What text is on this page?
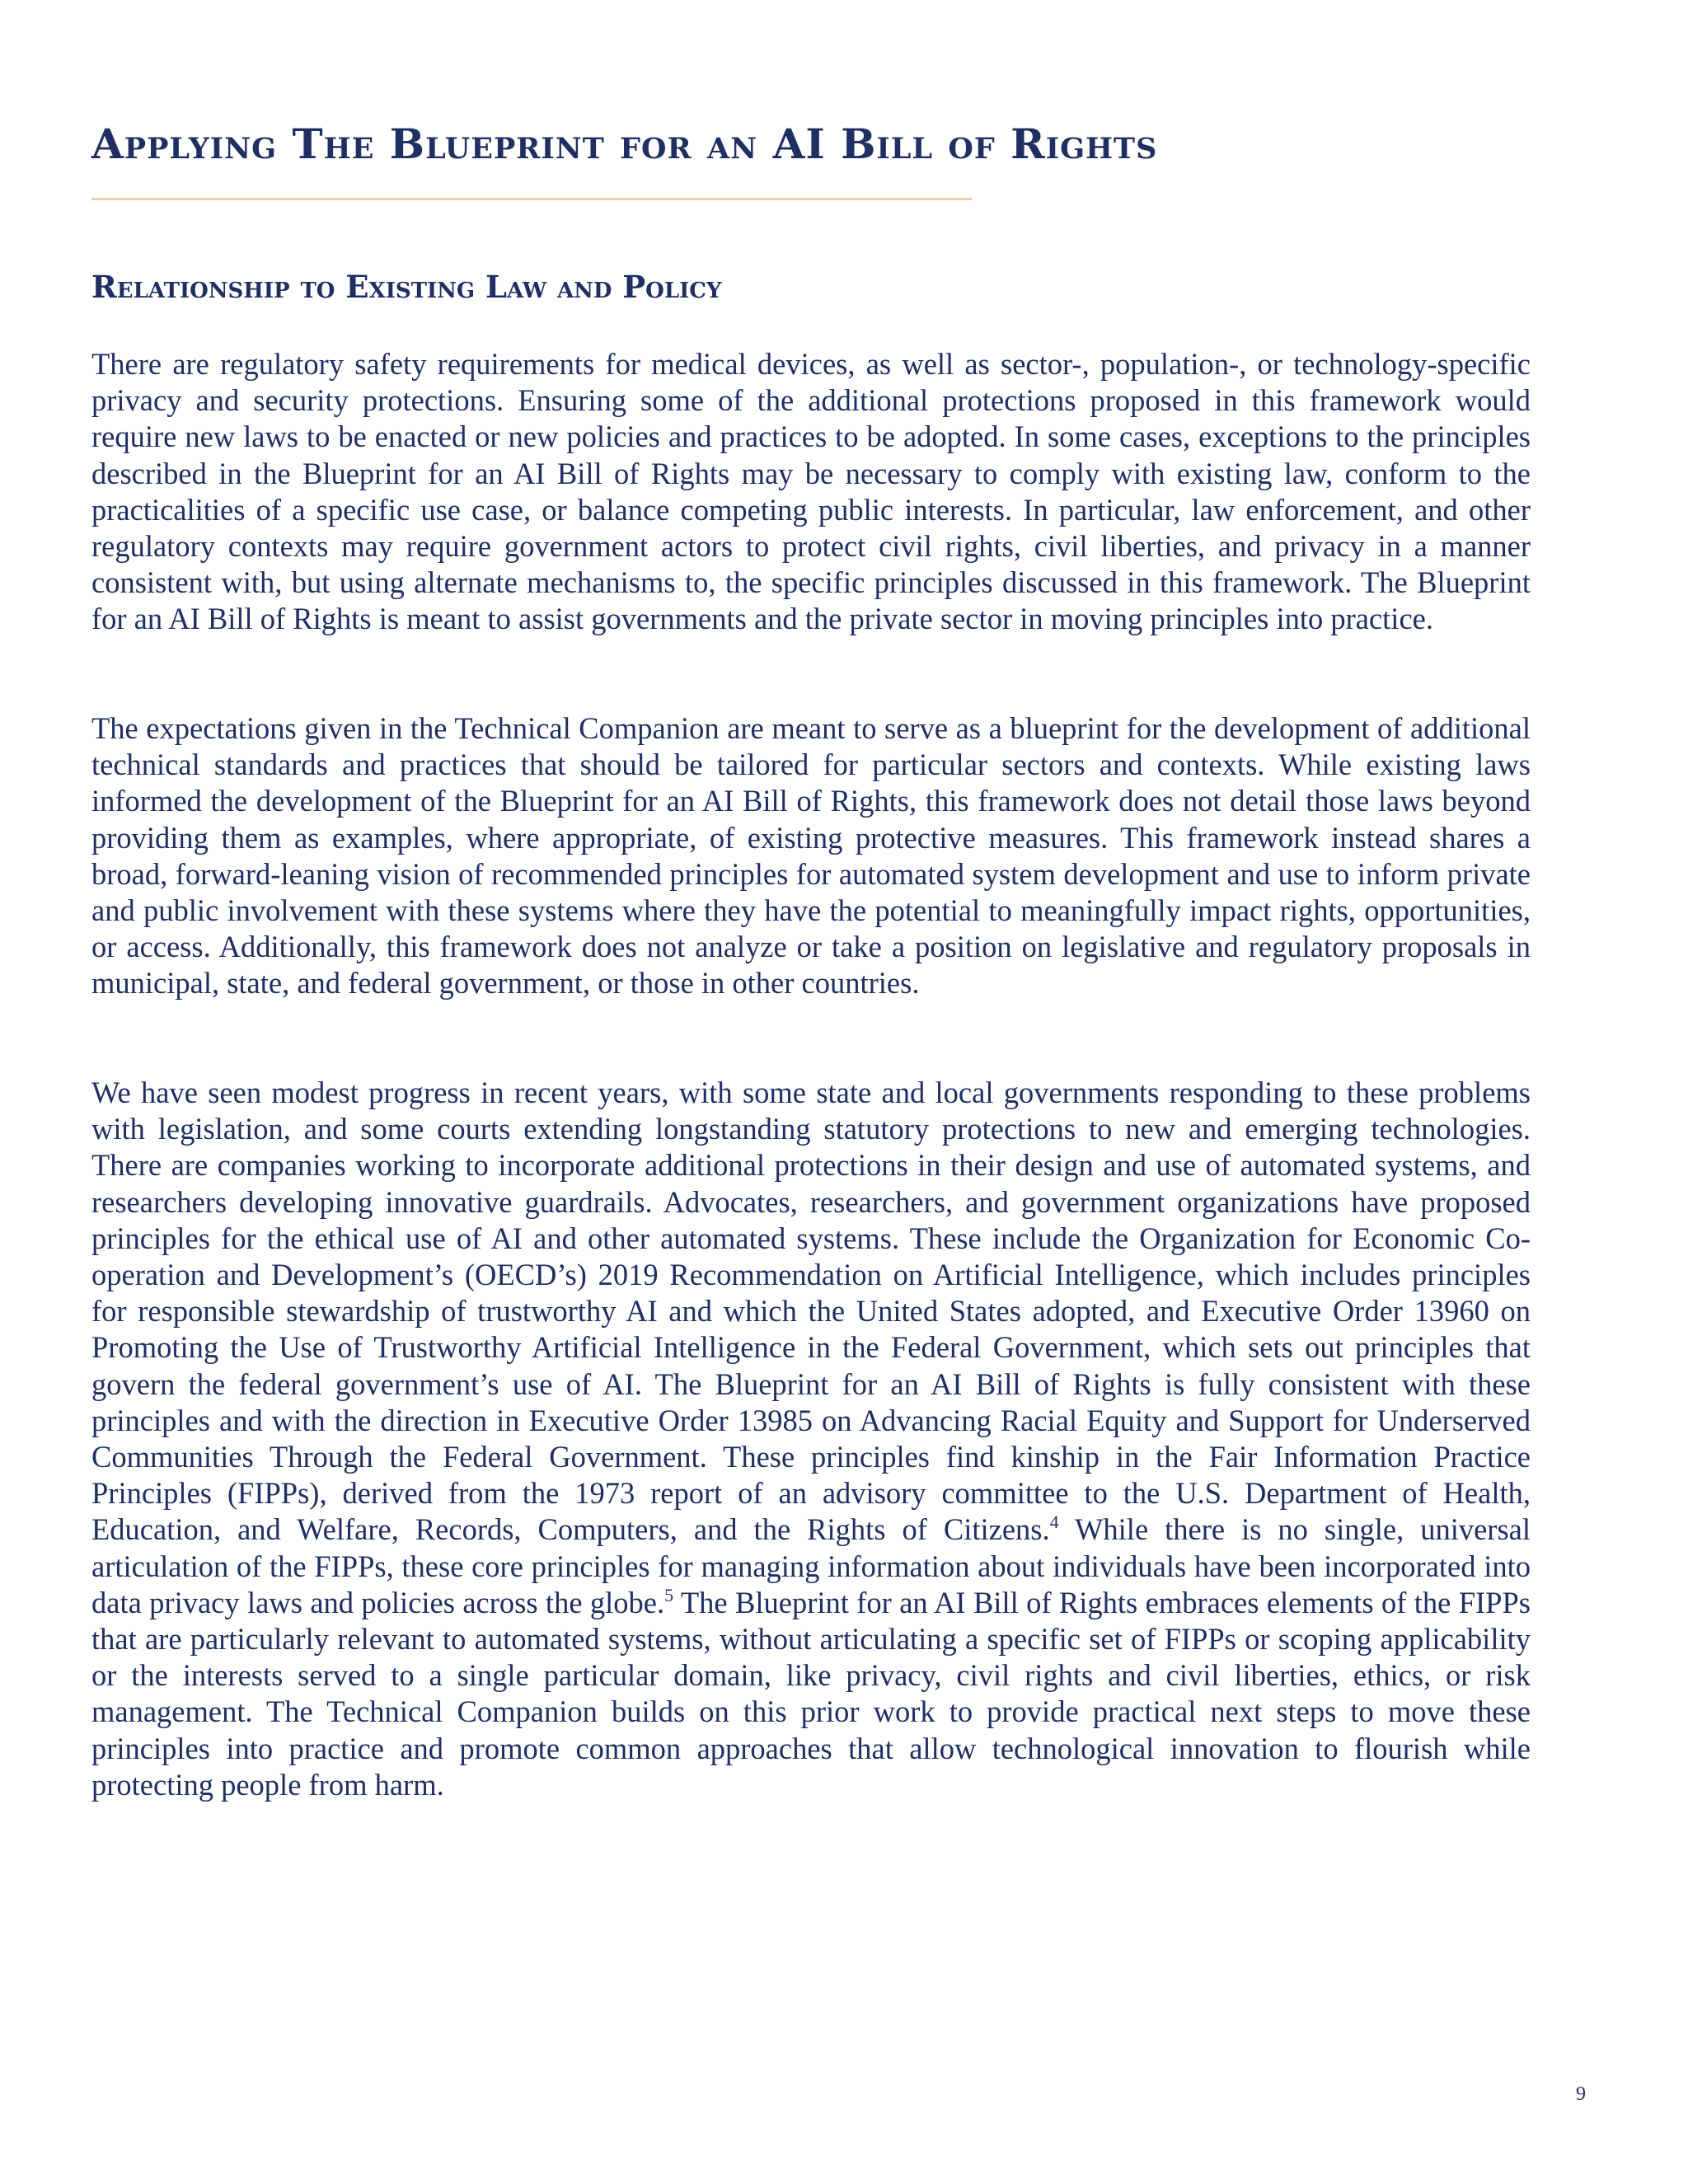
Applying The Blueprint for an AI Bill of Rights
Relationship to Existing Law and Policy

There are regulatory safety requirements for medical devices, as well as sector-, population-, or technology-specific privacy and security protections. Ensuring some of the additional protections proposed in this framework would require new laws to be enacted or new policies and practices to be adopted. In some cases, exceptions to the principles described in the Blueprint for an AI Bill of Rights may be necessary to comply with existing law, conform to the practicalities of a specific use case, or balance competing public interests. In particular, law enforcement, and other regulatory contexts may require government actors to protect civil rights, civil liberties, and privacy in a manner consistent with, but using alternate mechanisms to, the specific principles discussed in this framework. The Blueprint for an AI Bill of Rights is meant to assist governments and the private sector in moving principles into practice.

The expectations given in the Technical Companion are meant to serve as a blueprint for the development of additional technical standards and practices that should be tailored for particular sectors and contexts. While existing laws informed the development of the Blueprint for an AI Bill of Rights, this framework does not detail those laws beyond providing them as examples, where appropriate, of existing protective measures. This framework instead shares a broad, forward-leaning vision of recommended principles for automated system development and use to inform private and public involvement with these systems where they have the potential to meaningfully impact rights, opportunities, or access. Additionally, this framework does not analyze or take a position on legislative and regulatory proposals in municipal, state, and federal government, or those in other countries.

We have seen modest progress in recent years, with some state and local governments responding to these problems with legislation, and some courts extending longstanding statutory protections to new and emerging technologies. There are companies working to incorporate additional protections in their design and use of automated systems, and researchers developing innovative guardrails. Advocates, researchers, and government organizations have proposed principles for the ethical use of AI and other automated systems. These include the Organization for Economic Co-operation and Development’s (OECD’s) 2019 Recommendation on Artificial Intelligence, which includes principles for responsible stewardship of trustworthy AI and which the United States adopted, and Executive Order 13960 on Promoting the Use of Trustworthy Artificial Intelligence in the Federal Government, which sets out principles that govern the federal government’s use of AI. The Blueprint for an AI Bill of Rights is fully consistent with these principles and with the direction in Executive Order 13985 on Advancing Racial Equity and Support for Underserved Communities Through the Federal Government. These principles find kinship in the Fair Information Practice Principles (FIPPs), derived from the 1973 report of an advisory committee to the U.S. Department of Health, Education, and Welfare, Records, Computers, and the Rights of Citizens.$^4$ While there is no single, universal articulation of the FIPPs, these core principles for managing information about individuals have been incorporated into data privacy laws and policies across the globe.$^5$ The Blueprint for an AI Bill of Rights embraces elements of the FIPPs that are particularly relevant to automated systems, without articulating a specific set of FIPPs or scoping applicability or the interests served to a single particular domain, like privacy, civil rights and civil liberties, ethics, or risk management. The Technical Companion builds on this prior work to provide practical next steps to move these principles into practice and promote common approaches that allow technological innovation to flourish while protecting people from harm.

9
